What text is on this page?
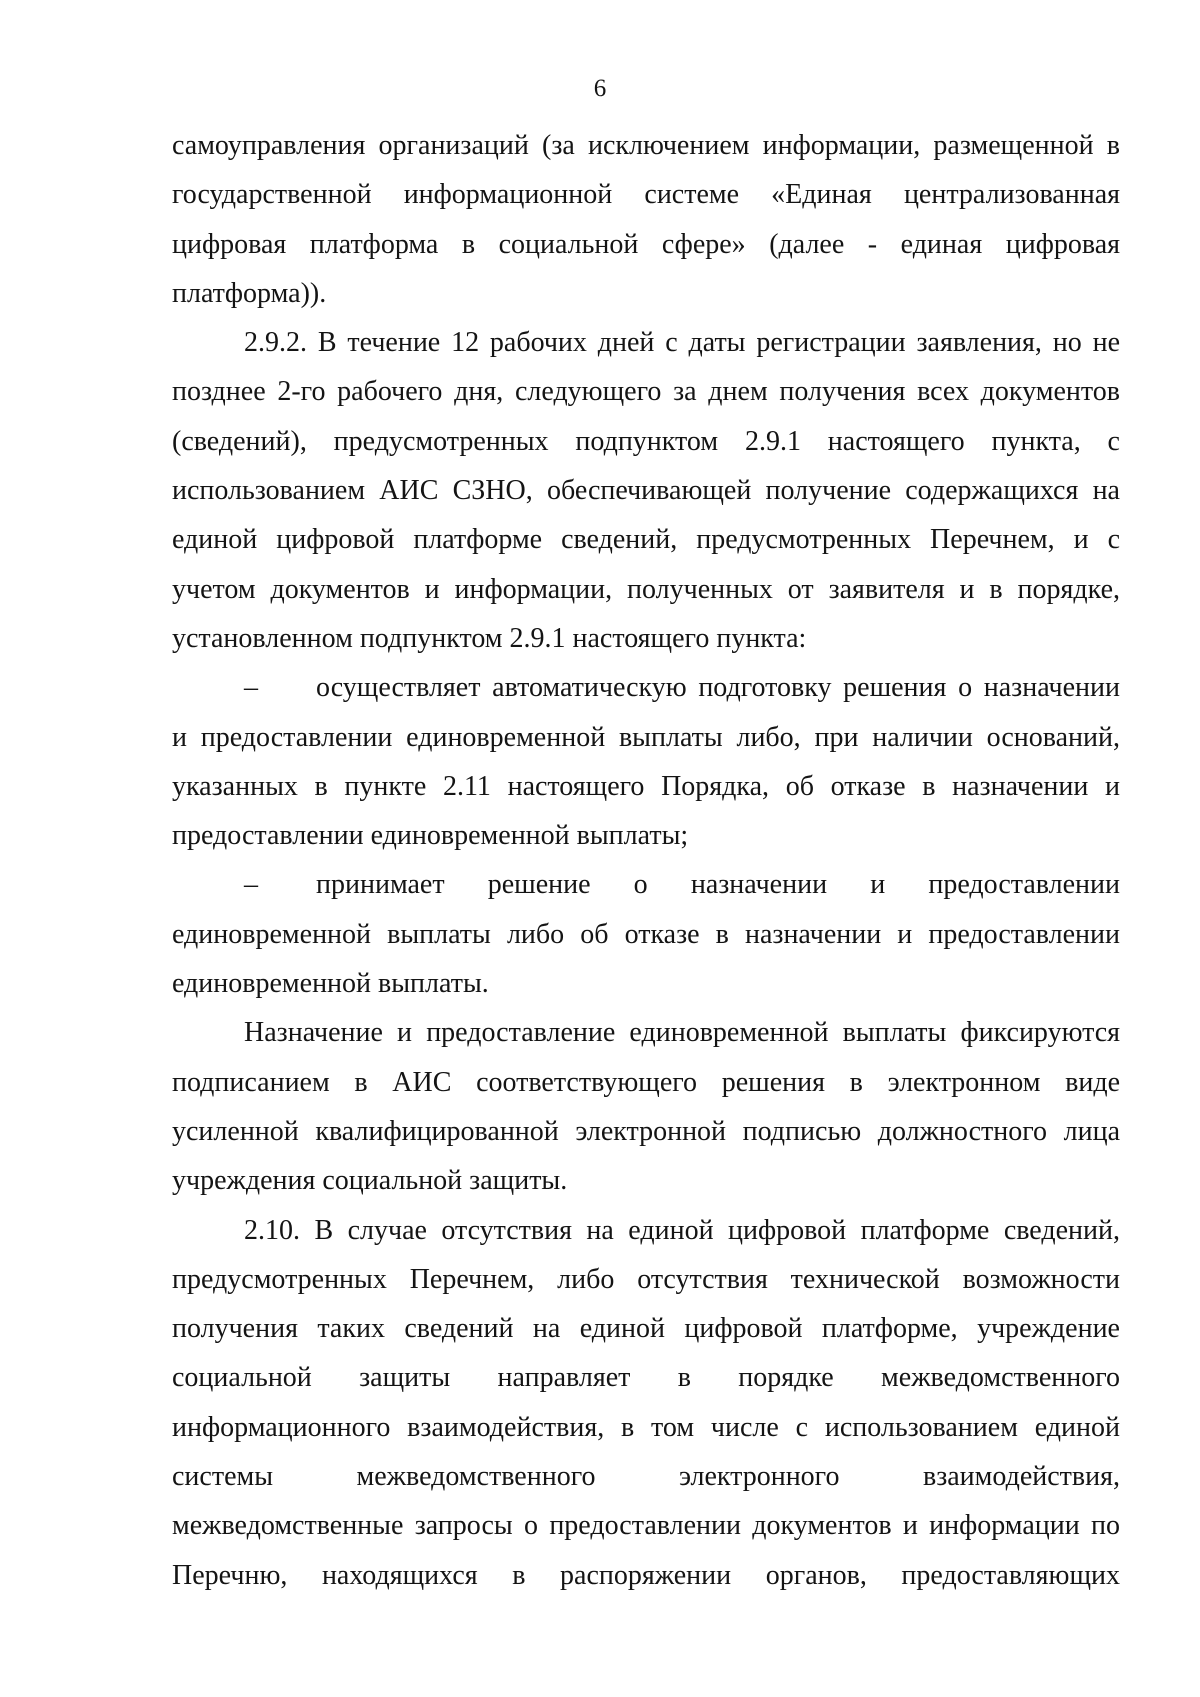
6
самоуправления организаций (за исключением информации, размещенной в
государственной информационной системе «Единая централизованная
цифровая платформа в социальной сфере» (далее - единая цифровая
платформа)).
2.9.2. В течение 12 рабочих дней с даты регистрации заявления, но не
позднее 2-го рабочего дня, следующего за днем получения всех документов
(сведений), предусмотренных подпунктом 2.9.1 настоящего пункта, с
использованием АИС СЗНО, обеспечивающей получение содержащихся на
единой цифровой платформе сведений, предусмотренных Перечнем, и с
учетом документов и информации, полученных от заявителя и в порядке,
установленном подпунктом 2.9.1 настоящего пункта:
–	осуществляет автоматическую подготовку решения о назначении
и предоставлении единовременной выплаты либо, при наличии оснований,
указанных в пункте 2.11 настоящего Порядка, об отказе в назначении и
предоставлении единовременной выплаты;
–	принимает решение о назначении и предоставлении
единовременной выплаты либо об отказе в назначении и предоставлении
единовременной выплаты.
Назначение и предоставление единовременной выплаты фиксируются
подписанием в АИС соответствующего решения в электронном виде
усиленной квалифицированной электронной подписью должностного лица
учреждения социальной защиты.
2.10. В случае отсутствия на единой цифровой платформе сведений,
предусмотренных Перечнем, либо отсутствия технической возможности
получения таких сведений на единой цифровой платформе, учреждение
социальной защиты направляет в порядке межведомственного
информационного взаимодействия, в том числе с использованием единой
системы межведомственного электронного взаимодействия,
межведомственные запросы о предоставлении документов и информации по
Перечню, находящихся в распоряжении органов, предоставляющих
